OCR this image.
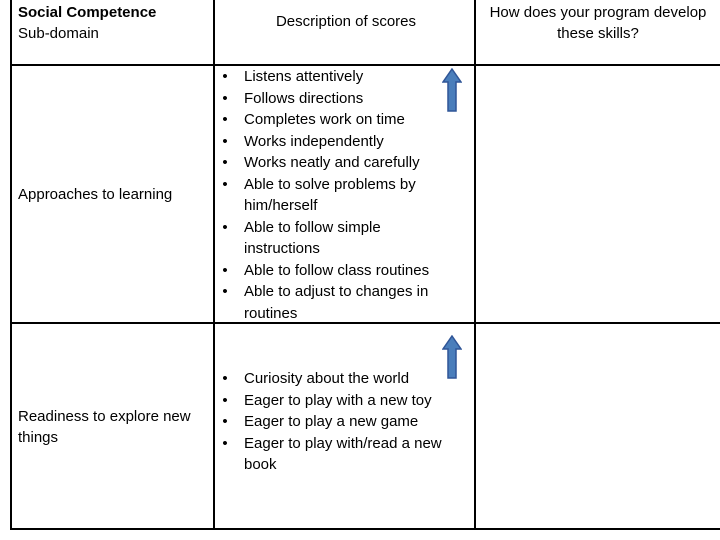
Social Competence
Sub-domain
Description of scores
How does your program develop these skills?
Approaches to learning
• Listens attentively
• Follows directions
• Completes work on time
• Works independently
• Works neatly and carefully
• Able to solve problems by him/herself
• Able to follow simple instructions
• Able to follow class routines
• Able to adjust to changes in routines
Readiness to explore new things
• Curiosity about the world
• Eager to play with a new toy
• Eager to play a new game
• Eager to play with/read a new book
